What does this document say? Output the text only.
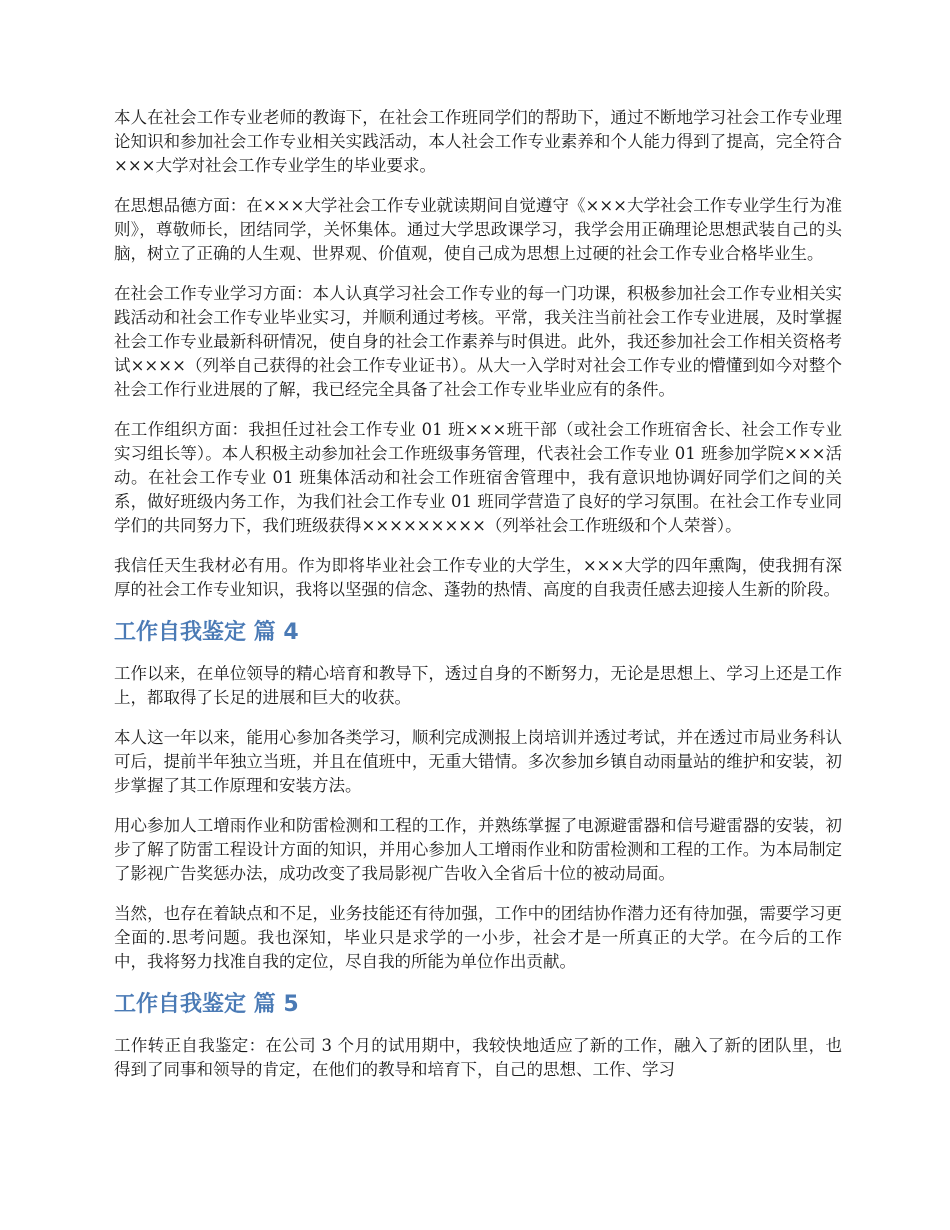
本人在社会工作专业老师的教诲下，在社会工作班同学们的帮助下，通过不断地学习社会工作专业理论知识和参加社会工作专业相关实践活动，本人社会工作专业素养和个人能力得到了提高，完全符合×××大学对社会工作专业学生的毕业要求。

在思想品德方面：在×××大学社会工作专业就读期间自觉遵守《×××大学社会工作专业学生行为准则》，尊敬师长，团结同学，关怀集体。通过大学思政课学习，我学会用正确理论思想武装自己的头脑，树立了正确的人生观、世界观、价值观，使自己成为思想上过硬的社会工作专业合格毕业生。

在社会工作专业学习方面：本人认真学习社会工作专业的每一门功课，积极参加社会工作专业相关实践活动和社会工作专业毕业实习，并顺利通过考核。平常，我关注当前社会工作专业进展，及时掌握社会工作专业最新科研情况，使自身的社会工作素养与时俱进。此外，我还参加社会工作相关资格考试××××（列举自己获得的社会工作专业证书）。从大一入学时对社会工作专业的懵懂到如今对整个社会工作行业进展的了解，我已经完全具备了社会工作专业毕业应有的条件。

在工作组织方面：我担任过社会工作专业 01 班×××班干部（或社会工作班宿舍长、社会工作专业实习组长等）。本人积极主动参加社会工作班级事务管理，代表社会工作专业 01 班参加学院×××活动。在社会工作专业 01 班集体活动和社会工作班宿舍管理中，我有意识地协调好同学们之间的关系，做好班级内务工作，为我们社会工作专业 01 班同学营造了良好的学习氛围。在社会工作专业同学们的共同努力下，我们班级获得×××××××××（列举社会工作班级和个人荣誉）。

我信任天生我材必有用。作为即将毕业社会工作专业的大学生，×××大学的四年熏陶，使我拥有深厚的社会工作专业知识，我将以坚强的信念、蓬勃的热情、高度的自我责任感去迎接人生新的阶段。

工作自我鉴定 篇 4

工作以来，在单位领导的精心培育和教导下，透过自身的不断努力，无论是思想上、学习上还是工作上，都取得了长足的进展和巨大的收获。

本人这一年以来，能用心参加各类学习，顺利完成测报上岗培训并透过考试，并在透过市局业务科认可后，提前半年独立当班，并且在值班中，无重大错情。多次参加乡镇自动雨量站的维护和安装，初步掌握了其工作原理和安装方法。

用心参加人工增雨作业和防雷检测和工程的工作，并熟练掌握了电源避雷器和信号避雷器的安装，初步了解了防雷工程设计方面的知识，并用心参加人工增雨作业和防雷检测和工程的工作。为本局制定了影视广告奖惩办法，成功改变了我局影视广告收入全省后十位的被动局面。

当然，也存在着缺点和不足，业务技能还有待加强，工作中的团结协作潜力还有待加强，需要学习更全面的.思考问题。我也深知，毕业只是求学的一小步，社会才是一所真正的大学。在今后的工作中，我将努力找准自我的定位，尽自我的所能为单位作出贡献。

工作自我鉴定 篇 5

工作转正自我鉴定：在公司 3 个月的试用期中，我较快地适应了新的工作，融入了新的团队里，也得到了同事和领导的肯定，在他们的教导和培育下，自己的思想、工作、学习
